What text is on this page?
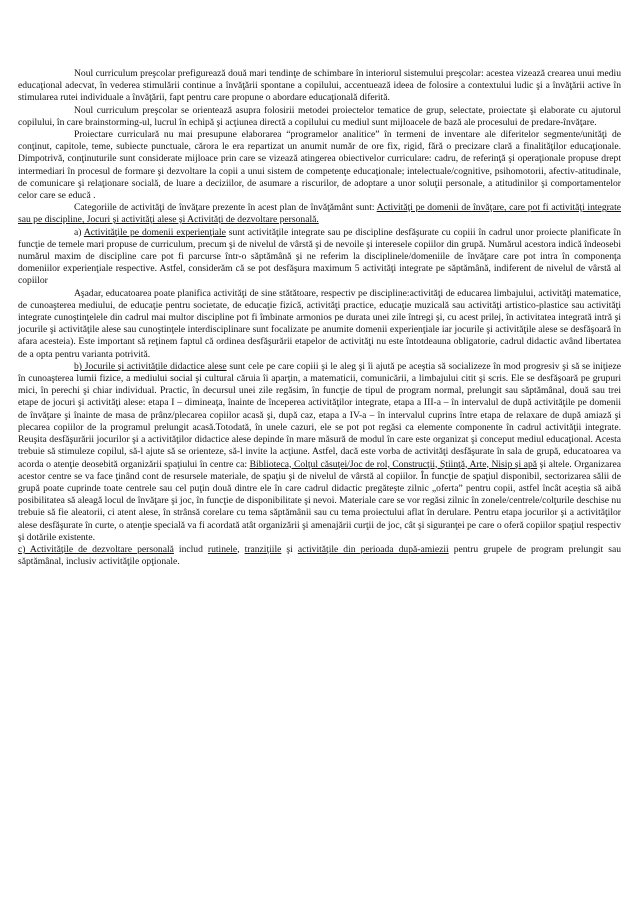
Noul curriculum preşcolar prefigurează două mari tendinţe de schimbare în interiorul sistemului preşcolar: acestea vizează crearea unui mediu educaţional adecvat, în vederea stimulării continue a învăţării spontane a copilului, accentuează ideea de folosire a contextului ludic şi a învăţării active în stimularea rutei individuale a învăţării, fapt pentru care propune o abordare educaţională diferită.

Noul curriculum preşcolar se orientează asupra folosirii metodei proiectelor tematice de grup, selectate, proiectate şi elaborate cu ajutorul copilului, în care brainstorming-ul, lucrul în echipă şi acţiunea directă a copilului cu mediul sunt mijloacele de bază ale procesului de predare-învăţare.

Proiectare curriculară nu mai presupune elaborarea “programelor analitice” în termeni de inventare ale diferitelor segmente/unităţi de conţinut, capitole, teme, subiecte punctuale, cărora le era repartizat un anumit număr de ore fix, rigid, fără o precizare clară a finalităţilor educaţionale. Dimpotrivă, conţinuturile sunt considerate mijloace prin care se vizează atingerea obiectivelor curriculare: cadru, de referinţă şi operaţionale propuse drept intermediari în procesul de formare şi dezvoltare la copii a unui sistem de competenţe educaţionale; intelectuale/cognitive, psihomotorii, afectiv-atitudinale, de comunicare şi relaţionare socială, de luare a deciziilor, de asumare a riscurilor, de adoptare a unor soluţii personale, a atitudinilor şi comportamentelor celor care se educă .

Categoriile de activităţi de învăţare prezente în acest plan de învăţământ sunt: Activităţi pe domenii de învăţare, care pot fi activităţi integrate sau pe discipline, Jocuri şi activităţi alese şi Activităţi de dezvoltare personală.

a) Activităţile pe domenii experienţiale sunt activităţile integrate sau pe discipline desfăşurate cu copiii în cadrul unor proiecte planificate în funcţie de temele mari propuse de curriculum, precum şi de nivelul de vârstă şi de nevoile şi interesele copiilor din grupă. Numărul acestora indică îndeosebi numărul maxim de discipline care pot fi parcurse într-o săptămână şi ne referim la disciplinele/domeniile de învăţare care pot intra în componenţa domeniilor experienţiale respective. Astfel, considerăm că se pot desfăşura maximum 5 activităţi integrate pe săptămână, indiferent de nivelul de vârstă al copiilor

Aşadar, educatoarea poate planifica activităţi de sine stătătoare, respectiv pe discipline:activităţi de educarea limbajului, activităţi matematice, de cunoaşterea mediului, de educaţie pentru societate, de educaţie fizică, activităţi practice, educaţie muzicală sau activităţi artistico-plastice sau activităţi integrate cunoştinţelele din cadrul mai multor discipline pot fi îmbinate armonios pe durata unei zile întregi şi, cu acest prilej, în activitatea integrată intră şi jocurile şi activităţile alese sau cunoştinţele interdisciplinare sunt focalizate pe anumite domenii experienţiale iar jocurile şi activităţile alese se desfăşoară în afara acesteia). Este important să reţinem faptul că ordinea desfăşurării etapelor de activităţi nu este întotdeauna obligatorie, cadrul didactic având libertatea de a opta pentru varianta potrivită.

b) Jocurile şi activităţile didactice alese sunt cele pe care copiii şi le aleg şi îi ajută pe aceştia să socializeze în mod progresiv şi să se iniţieze în cunoaşterea lumii fizice, a mediului social şi cultural căruia îi aparţin, a matematicii, comunicării, a limbajului citit şi scris. Ele se desfăşoară pe grupuri mici, în perechi şi chiar individual. Practic, în decursul unei zile regăsim, în funcţie de tipul de program normal, prelungit sau săptămânal, două sau trei etape de jocuri şi activităţi alese: etapa I – dimineaţa, înainte de începerea activităţilor integrate, etapa a III-a – în intervalul de după activităţile pe domenii de învăţare şi înainte de masa de prânz/plecarea copiilor acasă şi, după caz, etapa a IV-a – în intervalul cuprins între etapa de relaxare de după amiază şi plecarea copiilor de la programul prelungit acasă.Totodată, în unele cazuri, ele se pot pot regăsi ca elemente componente în cadrul activităţii integrate. Reuşita desfăşurării jocurilor şi a activităţilor didactice alese depinde în mare măsură de modul în care este organizat şi conceput mediul educaţional. Acesta trebuie să stimuleze copilul, să-l ajute să se orienteze, să-l invite la acţiune. Astfel, dacă este vorba de activităţi desfăşurate în sala de grupă, educatoarea va acorda o atenţie deosebită organizării spaţiului în centre ca: Biblioteca, Colţul căsuţei/Joc de rol, Construcţii, Ştiinţă, Arte, Nisip şi apă şi altele. Organizarea acestor centre se va face ţinând cont de resursele materiale, de spaţiu şi de nivelul de vârstă al copiilor. În funcţie de spaţiul disponibil, sectorizarea sălii de grupă poate cuprinde toate centrele sau cel puţin două dintre ele în care cadrul didactic pregăteşte zilnic „oferta” pentru copii, astfel încât aceştia să aibă posibilitatea să aleagă locul de învăţare şi joc, în funcţie de disponibilitate şi nevoi. Materiale care se vor regăsi zilnic în zonele/centrele/colţurile deschise nu trebuie să fie aleatorii, ci atent alese, în strânsă corelare cu tema săptămânii sau cu tema proiectului aflat în derulare. Pentru etapa jocurilor şi a activităţilor alese desfăşurate în curte, o atenţie specială va fi acordată atât organizării şi amenajării curţii de joc, cât şi siguranţei pe care o oferă copiilor spaţiul respectiv şi dotările existente.

c) Activităţile de dezvoltare personală includ rutinele, tranziţiile şi activităţile din perioada după-amiezii pentru grupele de program prelungit sau săptămânal, inclusiv activităţile opţionale.
